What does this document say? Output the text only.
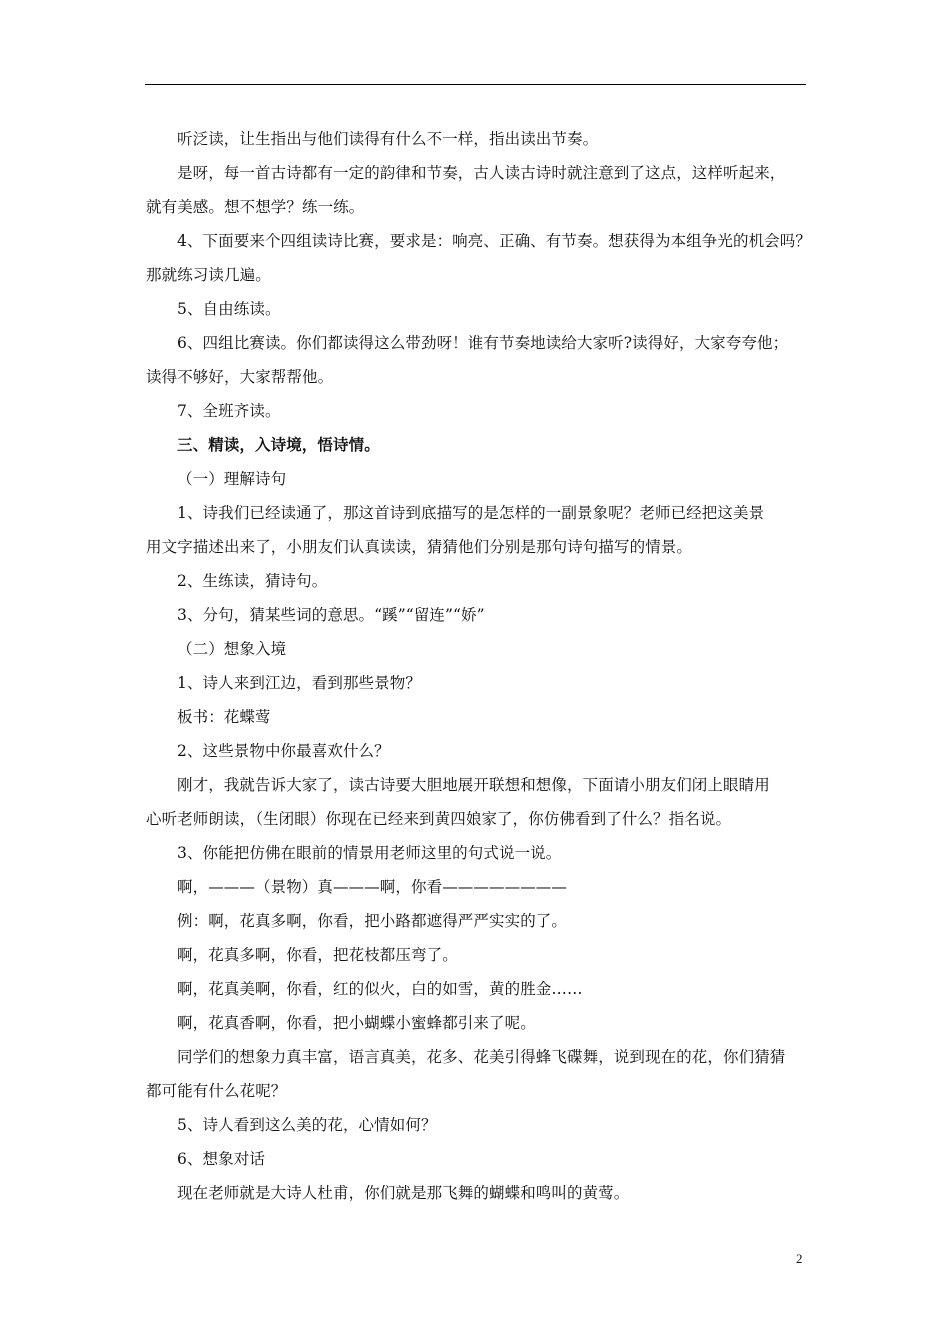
听泛读，让生指出与他们读得有什么不一样，指出读出节奏。
是呀，每一首古诗都有一定的韵律和节奏，古人读古诗时就注意到了这点，这样听起来，
就有美感。想不想学？练一练。
4、下面要来个四组读诗比赛，要求是：响亮、正确、有节奏。想获得为本组争光的机会吗？
那就练习读几遍。
5、自由练读。
6、四组比赛读。你们都读得这么带劲呀！谁有节奏地读给大家听?读得好，大家夸夸他；
读得不够好，大家帮帮他。
7、全班齐读。
三、精读，入诗境，悟诗情。
（一）理解诗句
1、诗我们已经读通了，那这首诗到底描写的是怎样的一副景象呢？老师已经把这美景
用文字描述出来了，小朋友们认真读读，猜猜他们分别是那句诗句描写的情景。
2、生练读，猜诗句。
3、分句，猜某些词的意思。“蹊”“留连”“娇”
（二）想象入境
1、诗人来到江边，看到那些景物？
板书：花蝶莺
2、这些景物中你最喜欢什么？
刚才，我就告诉大家了，读古诗要大胆地展开联想和想像，下面请小朋友们闭上眼睛用
心听老师朗读，（生闭眼）你现在已经来到黄四娘家了，你仿佛看到了什么？指名说。
3、你能把仿佛在眼前的情景用老师这里的句式说一说。
啊，———（景物）真———啊，你看————————
例：啊，花真多啊，你看，把小路都遮得严严实实的了。
啊，花真多啊，你看，把花枝都压弯了。
啊，花真美啊，你看，红的似火，白的如雪，黄的胜金……
啊，花真香啊，你看，把小蝴蝶小蜜蜂都引来了呢。
同学们的想象力真丰富，语言真美，花多、花美引得蜂飞碟舞，说到现在的花，你们猜猜
都可能有什么花呢？
5、诗人看到这么美的花，心情如何？
6、想象对话
现在老师就是大诗人杜甫，你们就是那飞舞的蝴蝶和鸣叫的黄莺。
2
